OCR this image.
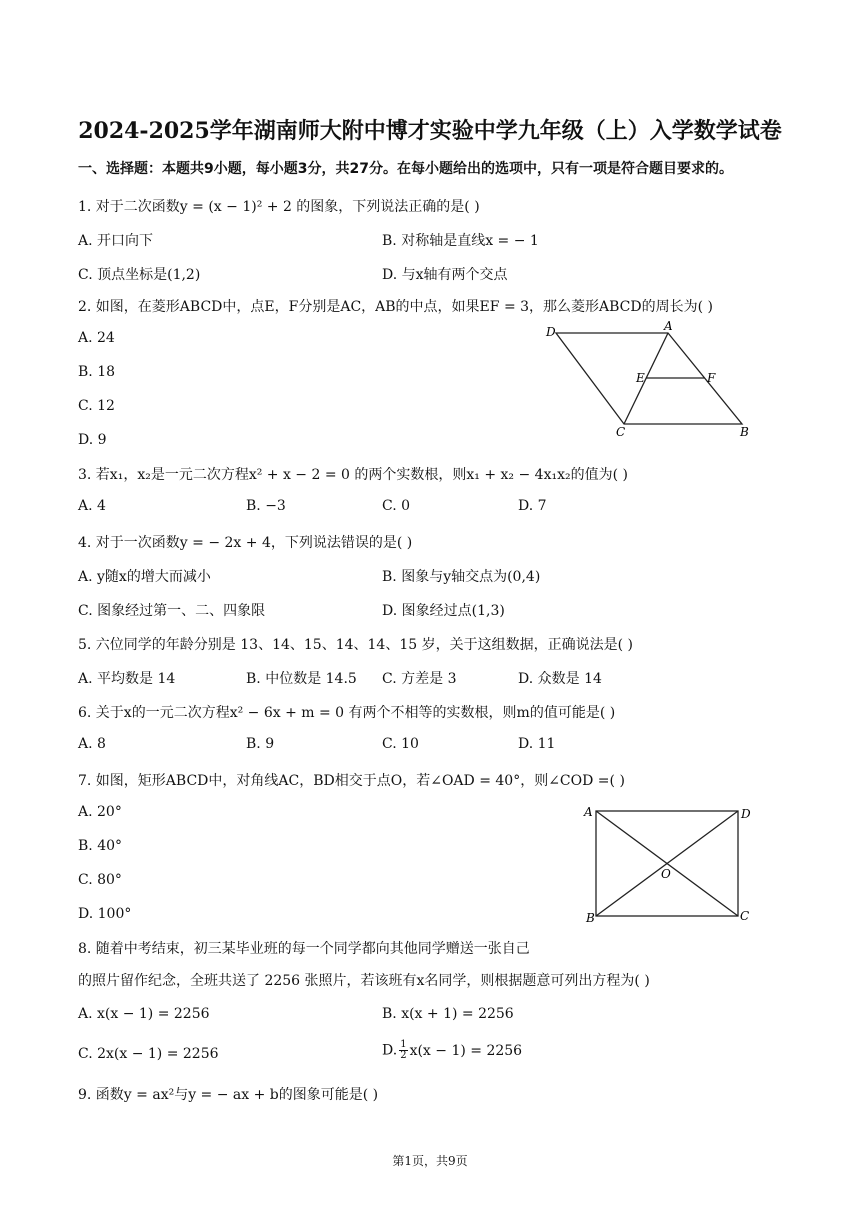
2024-2025学年湖南师大附中博才实验中学九年级（上）入学数学试卷
一、选择题：本题共9小题，每小题3分，共27分。在每小题给出的选项中，只有一项是符合题目要求的。
1. 对于二次函数y = (x − 1)² + 2 的图象，下列说法正确的是( )
A. 开口向下	B. 对称轴是直线x = − 1
C. 顶点坐标是(1,2)	D. 与x轴有两个交点
2. 如图，在菱形ABCD中，点E，F分别是AC，AB的中点，如果EF = 3，那么菱形ABCD的周长为( )
A. 24
B. 18
C. 12
D. 9
D	A
E	F
C	B
3. 若x₁，x₂是一元二次方程x² + x − 2 = 0 的两个实数根，则x₁ + x₂ − 4x₁x₂的值为( )
A. 4	B. −3	C. 0	D. 7
4. 对于一次函数y = − 2x + 4，下列说法错误的是( )
A. y随x的增大而减小	B. 图象与y轴交点为(0,4)
C. 图象经过第一、二、四象限	D. 图象经过点(1,3)
5. 六位同学的年龄分别是 13、14、15、14、14、15 岁，关于这组数据，正确说法是( )
A. 平均数是 14	B. 中位数是 14.5 C. 方差是 3	D. 众数是 14
6. 关于x的一元二次方程x² − 6x + m = 0 有两个不相等的实数根，则m的值可能是( )
A. 8	B. 9	C. 10	D. 11
7. 如图，矩形ABCD中，对角线AC，BD相交于点O，若∠OAD = 40°，则∠COD =( )
A. 20°
B. 40°
C. 80°
D. 100°
A	D
O
B	C
8. 随着中考结束，初三某毕业班的每一个同学都向其他同学赠送一张自己
的照片留作纪念，全班共送了 2256 张照片，若该班有x名同学，则根据题意可列出方程为( )
A. x(x − 1) = 2256	B. x(x + 1) = 2256
C. 2x(x − 1) = 2256	D. $\frac{1}{2} x(x - 1) = 2256$
9. 函数y = ax²与y = − ax + b的图象可能是( )
第1页，共9页
